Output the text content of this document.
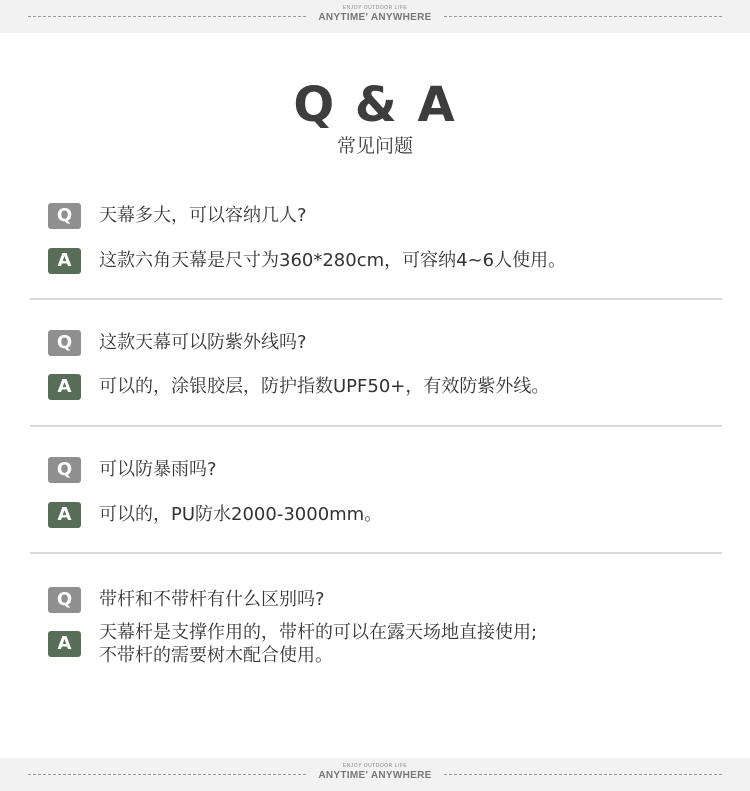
ENJOY OUTDOOR LIFE
ANYTIME' ANYWHERE
Q & A
常见问题
Q	天幕多大，可以容纳几人?
A	这款六角天幕是尺寸为360*280cm，可容纳4~6人使用。
Q	这款天幕可以防紫外线吗?
A	可以的，涂银胶层，防护指数UPF50+，有效防紫外线。
Q	可以防暴雨吗?
A	可以的，PU防水2000-3000mm。
Q	带杆和不带杆有什么区别吗?
A
天幕杆是支撑作用的，带杆的可以在露天场地直接使用;
不带杆的需要树木配合使用。
ENJOY OUTDOOR LIFE
ANYTIME' ANYWHERE
